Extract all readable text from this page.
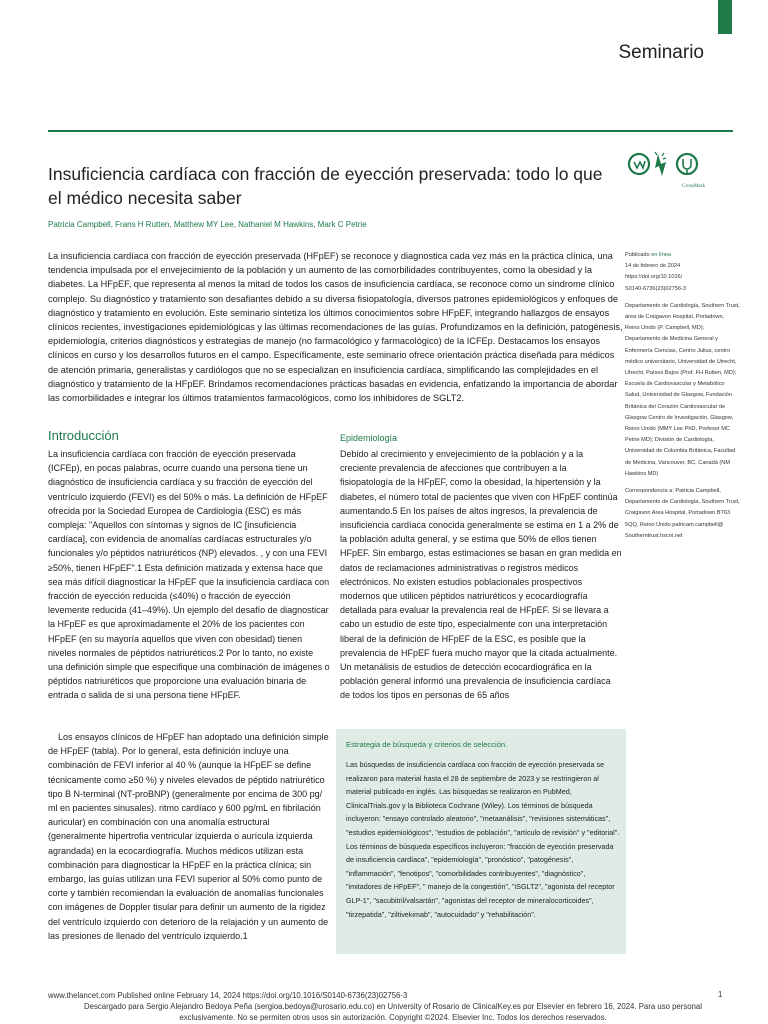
Seminario
Insuficiencia cardíaca con fracción de eyección preservada: todo lo que el médico necesita saber
CrossMark
Patricia Campbell, Frans H Rutten, Matthew MY Lee, Nathaniel M Hawkins, Mark C Petrie

La insuficiencia cardíaca con fracción de eyección preservada (HFpEF) se reconoce y diagnostica cada vez más en la práctica clínica, una tendencia impulsada por el envejecimiento de la población y un aumento de las comorbilidades contribuyentes, como la obesidad y la diabetes. La HFpEF, que representa al menos la mitad de todos los casos de insuficiencia cardíaca, se reconoce como un síndrome clínico complejo. Su diagnóstico y tratamiento son desafiantes debido a su diversa fisiopatología, diversos patrones epidemiológicos y enfoques de diagnóstico y tratamiento en evolución. Este seminario sintetiza los últimos conocimientos sobre HFpEF, integrando hallazgos de ensayos clínicos recientes, investigaciones epidemiológicas y las últimas recomendaciones de las guías. Profundizamos en la definición, patogénesis, epidemiología, criterios diagnósticos y estrategias de manejo (no farmacológico y farmacológico) de la ICFEp. Destacamos los ensayos clínicos en curso y los desarrollos futuros en el campo. Específicamente, este seminario ofrece orientación práctica diseñada para médicos de atención primaria, generalistas y cardiólogos que no se especializan en insuficiencia cardíaca, simplificando las complejidades en el diagnóstico y tratamiento de la HFpEF. Brindamos recomendaciones prácticas basadas en evidencia, enfatizando la importancia de abordar las comorbilidades e integrar los últimos tratamientos farmacológicos, como los inhibidores de SGLT2.

Publicado en línea
14 de febrero de 2024
https://doi.org/10.1016/
S0140-6736(23)02756-3
Departamento de Cardiología, Southern Trust, área de Craigavon Hospital, Portadown, Reino Unido (P. Campbell, MD); Departamento de Medicina General y Enfermería Ciencias, Centro Julius, centro médico universitario, Universidad de Utrecht, Utrecht, Países Bajos (Prof. FH Rutten, MD); Escuela de Cardiovascular y Metabólico Salud, Universidad de Glasgow, Fundación Británica del Corazón Cardiovascular de Glasgow Centro de Investigación, Glasgow, Reino Unido (MMY Lee PhD, Profesor MC Petrie MD); División de Cardiología, Universidad de Columbia Británica, Facultad de Medicina, Vancouver, BC, Canadá (NM Hawkins MD)
Correspondencia a: Patricia Campbell, Departamento de Cardiología, Southern Trust, Craigavon Area Hospital, Portadown BT63 5QQ, Reino Unido patricam.campbell@ Southerntrust.hscni.net
Introducción

La insuficiencia cardíaca con fracción de eyección preservada (ICFEp), en pocas palabras, ocurre cuando una persona tiene un diagnóstico de insuficiencia cardíaca y su fracción de eyección del ventrículo izquierdo (FEVI) es del 50% o más. La definición de HFpEF ofrecida por la Sociedad Europea de Cardiología (ESC) es más compleja: "Aquellos con síntomas y signos de IC [insuficiencia cardíaca], con evidencia de anomalías cardíacas estructurales y/o funcionales y/o péptidos natriuréticos (NP) elevados. , y con una FEVI ≥50%, tienen HFpEF".1 Esta definición matizada y extensa hace que sea más difícil diagnosticar la HFpEF que la insuficiencia cardíaca con fracción de eyección reducida (≤40%) o fracción de eyección levemente reducida (41–49%). Un ejemplo del desafío de diagnosticar la HFpEF es que aproximadamente el 20% de los pacientes con HFpEF (en su mayoría aquellos que viven con obesidad) tienen niveles normales de péptidos natriuréticos.2 Por lo tanto, no existe una definición simple que especifique una combinación de imágenes o péptidos natriuréticos que proporcione una evaluación binaria de entrada o salida de si una persona tiene HFpEF.

Los ensayos clínicos de HFpEF han adoptado una definición simple de HFpEF (tabla). Por lo general, esta definición incluye una combinación de FEVI inferior al 40 % (aunque la HFpEF se define técnicamente como ≥50 %) y niveles elevados de péptido natriurético tipo B N-terminal (NT-proBNP) (generalmente por encima de 300 pg/ ml en pacientes sinusales). ritmo cardíaco y 600 pg/mL en fibrilación auricular) en combinación con una anomalía estructural (generalmente hipertrofia ventricular izquierda o aurícula izquierda agrandada) en la ecocardiografía. Muchos médicos utilizan esta combinación para diagnosticar la HFpEF en la práctica clínica; sin embargo, las guías utilizan una FEVI superior al 50% como punto de corte y también recomiendan la evaluación de anomalías funcionales con imágenes de Doppler tisular para definir un aumento de la rigidez del ventrículo izquierdo con deterioro de la relajación y un aumento de las presiones de llenado del ventrículo izquierdo.1

Epidemiología

Debido al crecimiento y envejecimiento de la población y a la creciente prevalencia de afecciones que contribuyen a la fisiopatología de la HFpEF, como la obesidad, la hipertensión y la diabetes, el número total de pacientes que viven con HFpEF continúa aumentando.5 En los países de altos ingresos, la prevalencia de insuficiencia cardíaca conocida generalmente se estima en 1 a 2% de la población adulta general, y se estima que 50% de ellos tienen HFpEF. Sin embargo, estas estimaciones se basan en gran medida en datos de reclamaciones administrativas o registros médicos electrónicos. No existen estudios poblacionales prospectivos modernos que utilicen péptidos natriuréticos y ecocardiografía detallada para evaluar la prevalencia real de HFpEF. Si se llevara a cabo un estudio de este tipo, especialmente con una interpretación liberal de la definición de HFpEF de la ESC, es posible que la prevalencia de HFpEF fuera mucho mayor que la citada actualmente. Un metanálisis de estudios de detección ecocardiográfica en la población general informó una prevalencia de insuficiencia cardíaca de todos los tipos en personas de 65 años

Estrategia de búsqueda y criterios de selección.
Las búsquedas de insuficiencia cardíaca con fracción de eyección preservada se realizaron para material hasta el 28 de septiembre de 2023 y se restringieron al material publicado en inglés. Las búsquedas se realizaron en PubMed, ClinicalTrials.gov y la Biblioteca Cochrane (Wiley). Los términos de búsqueda incluyeron: "ensayo controlado aleatorio", "metaanálisis", "revisiones sistemáticas", "estudios epidemiológicos", "estudios de población", "artículo de revisión" y "editorial". Los términos de búsqueda específicos incluyeron: "fracción de eyección preservada de insuficiencia cardíaca", "epidemiología", "pronóstico", "patogénesis", "inflammación", "fenotipos", "comorbilidades contribuyentes", "diagnóstico", "imitadores de HFpEF", " manejo de la congestión", "iSGLT2", "agonista del receptor GLP-1", "sacubitril/valsartán", "agonistas del receptor de mineralocorticoides", "tirzepatida", "ziltivekimab", "autocuidado" y "rehabilitación".
www.thelancet.com Published online February 14, 2024 https://doi.org/10.1016/S0140-6736(23)02756-3
Descargado para Sergio Alejandro Bedoya Peña (sergioa.bedoya@urosario.edu.co) en University of Rosario de ClinicalKey.es por Elsevier en febrero 16, 2024. Para uso personal exclusivamente. No se permiten otros usos sin autorización. Copyright ©2024. Elsevier Inc. Todos los derechos reservados.
1
